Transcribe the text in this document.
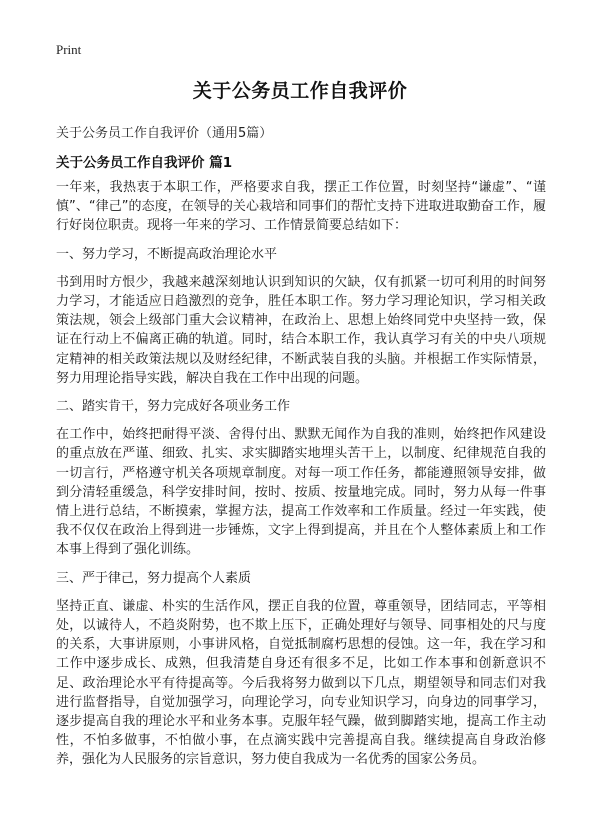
Print
关于公务员工作自我评价
关于公务员工作自我评价（通用5篇）
关于公务员工作自我评价 篇1

一年来，我热衷于本职工作，严格要求自我，摆正工作位置，时刻坚持“谦虚”、“谨慎”、“律己”的态度，在领导的关心栽培和同事们的帮忙支持下进取进取勤奋工作，履行好岗位职责。现将一年来的学习、工作情景简要总结如下：

一、努力学习，不断提高政治理论水平

书到用时方恨少，我越来越深刻地认识到知识的欠缺，仅有抓紧一切可利用的时间努力学习，才能适应日趋激烈的竞争，胜任本职工作。努力学习理论知识，学习相关政策法规，领会上级部门重大会议精神，在政治上、思想上始终同党中央坚持一致，保证在行动上不偏离正确的轨道。同时，结合本职工作，我认真学习有关的中央八项规定精神的相关政策法规以及财经纪律，不断武装自我的头脑。并根据工作实际情景，努力用理论指导实践，解决自我在工作中出现的问题。

二、踏实肯干，努力完成好各项业务工作

在工作中，始终把耐得平淡、舍得付出、默默无闻作为自我的准则，始终把作风建设的重点放在严谨、细致、扎实、求实脚踏实地埋头苦干上，以制度、纪律规范自我的一切言行，严格遵守机关各项规章制度。对每一项工作任务，都能遵照领导安排，做到分清轻重缓急，科学安排时间，按时、按质、按量地完成。同时，努力从每一件事情上进行总结，不断摸索，掌握方法，提高工作效率和工作质量。经过一年实践，使我不仅仅在政治上得到进一步锤炼，文字上得到提高，并且在个人整体素质上和工作本事上得到了强化训练。

三、严于律己，努力提高个人素质

坚持正直、谦虚、朴实的生活作风，摆正自我的位置，尊重领导，团结同志，平等相处，以诚待人，不趋炎附势，也不欺上压下，正确处理好与领导、同事相处的尺与度的关系，大事讲原则，小事讲风格，自觉抵制腐朽思想的侵蚀。这一年，我在学习和工作中逐步成长、成熟，但我清楚自身还有很多不足，比如工作本事和创新意识不足、政治理论水平有待提高等。今后我将努力做到以下几点，期望领导和同志们对我进行监督指导，自觉加强学习，向理论学习，向专业知识学习，向身边的同事学习，逐步提高自我的理论水平和业务本事。克服年轻气躁，做到脚踏实地，提高工作主动性，不怕多做事，不怕做小事，在点滴实践中完善提高自我。继续提高自身政治修养，强化为人民服务的宗旨意识，努力使自我成为一名优秀的国家公务员。
